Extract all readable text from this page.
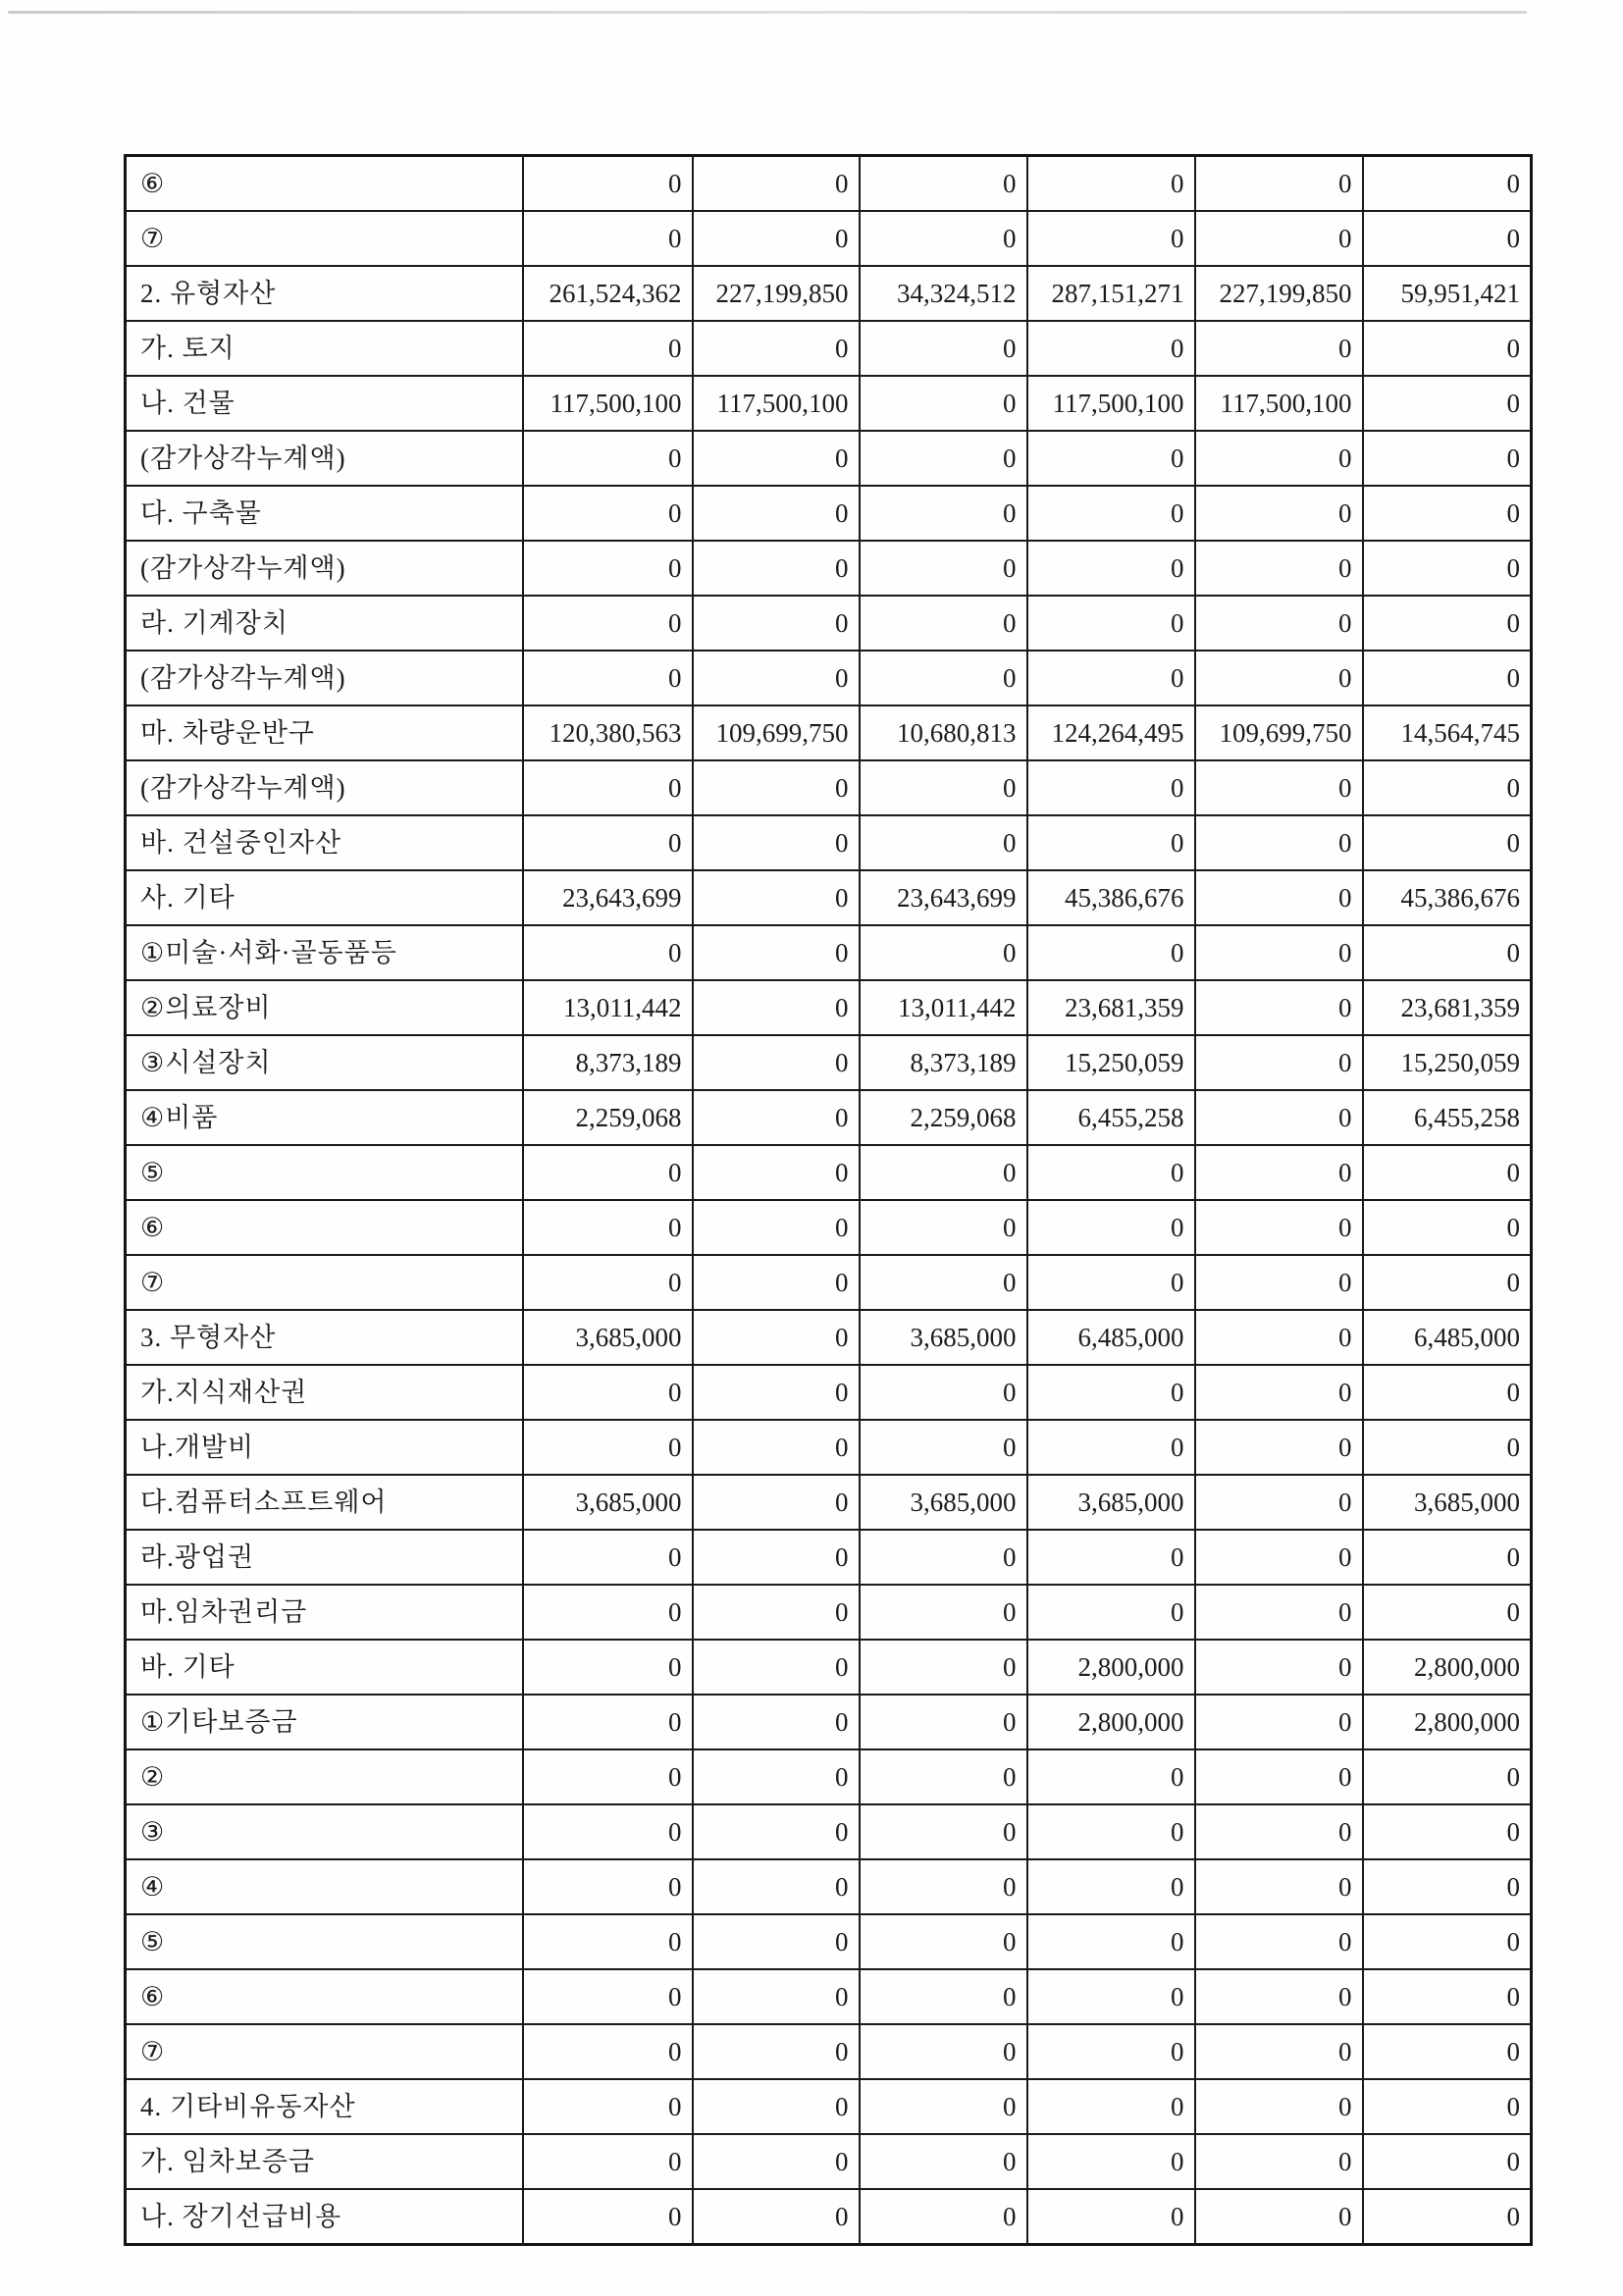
⑥	0	0	0	0	0	0
⑦	0	0	0	0	0	0
2. 유형자산	261,524,362	227,199,850	34,324,512	287,151,271	227,199,850	59,951,421
가. 토지	0	0	0	0	0	0
나. 건물	117,500,100	117,500,100	0	117,500,100	117,500,100	0
(감가상각누계액)	0	0	0	0	0	0
다. 구축물	0	0	0	0	0	0
(감가상각누계액)	0	0	0	0	0	0
라. 기계장치	0	0	0	0	0	0
(감가상각누계액)	0	0	0	0	0	0
마. 차량운반구	120,380,563	109,699,750	10,680,813	124,264,495	109,699,750	14,564,745
(감가상각누계액)	0	0	0	0	0	0
바. 건설중인자산	0	0	0	0	0	0
사. 기타	23,643,699	0	23,643,699	45,386,676	0	45,386,676
①미술·서화·골동품등	0	0	0	0	0	0
②의료장비	13,011,442	0	13,011,442	23,681,359	0	23,681,359
③시설장치	8,373,189	0	8,373,189	15,250,059	0	15,250,059
④비품	2,259,068	0	2,259,068	6,455,258	0	6,455,258
⑤	0	0	0	0	0	0
⑥	0	0	0	0	0	0
⑦	0	0	0	0	0	0
3. 무형자산	3,685,000	0	3,685,000	6,485,000	0	6,485,000
가.지식재산권	0	0	0	0	0	0
나.개발비	0	0	0	0	0	0
다.컴퓨터소프트웨어	3,685,000	0	3,685,000	3,685,000	0	3,685,000
라.광업권	0	0	0	0	0	0
마.임차권리금	0	0	0	0	0	0
바. 기타	0	0	0	2,800,000	0	2,800,000
①기타보증금	0	0	0	2,800,000	0	2,800,000
②	0	0	0	0	0	0
③	0	0	0	0	0	0
④	0	0	0	0	0	0
⑤	0	0	0	0	0	0
⑥	0	0	0	0	0	0
⑦	0	0	0	0	0	0
4. 기타비유동자산	0	0	0	0	0	0
가. 임차보증금	0	0	0	0	0	0
나. 장기선급비용	0	0	0	0	0	0
